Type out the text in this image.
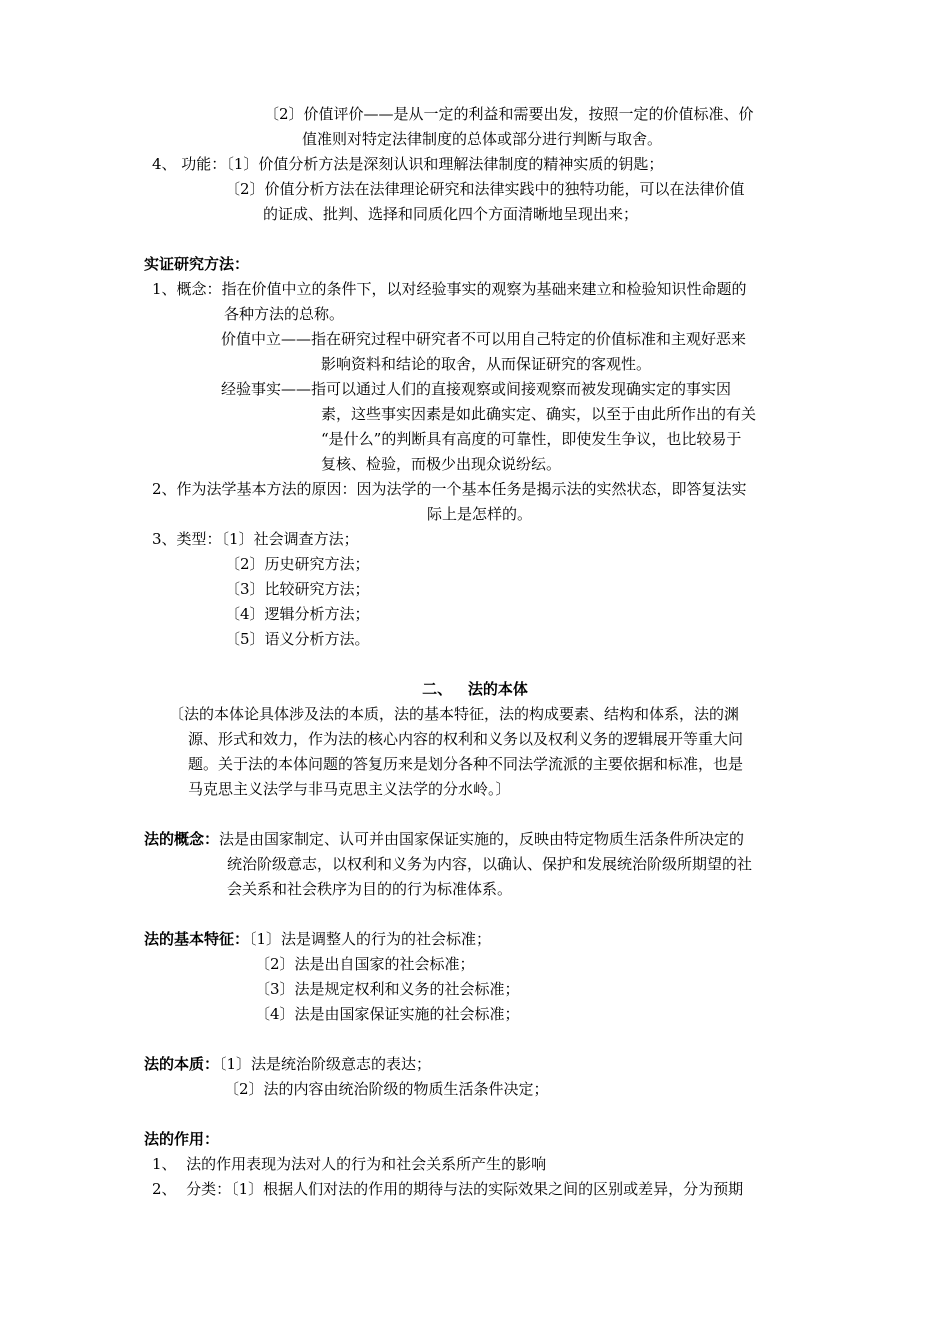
〔2〕价值评价——是从一定的利益和需要出发，按照一定的价值标准、价
值准则对特定法律制度的总体或部分进行判断与取舍。
4、 功能：〔1〕价值分析方法是深刻认识和理解法律制度的精神实质的钥匙；
〔2〕价值分析方法在法律理论研究和法律实践中的独特功能，可以在法律价值
的证成、批判、选择和同质化四个方面清晰地呈现出来；
实证研究方法：
1、概念：指在价值中立的条件下，以对经验事实的观察为基础来建立和检验知识性命题的
各种方法的总称。
价值中立——指在研究过程中研究者不可以用自己特定的价值标准和主观好恶来
影响资料和结论的取舍，从而保证研究的客观性。
经验事实——指可以通过人们的直接观察或间接观察而被发现确实定的事实因
素，这些事实因素是如此确实定、确实，以至于由此所作出的有关
“是什么”的判断具有高度的可靠性，即使发生争议，也比较易于
复核、检验，而极少出现众说纷纭。
2、作为法学基本方法的原因：因为法学的一个基本任务是揭示法的实然状态，即答复法实
际上是怎样的。
3、类型：〔1〕社会调查方法；
〔2〕历史研究方法；
〔3〕比较研究方法；
〔4〕逻辑分析方法；
〔5〕语义分析方法。
二、   法的本体
〔法的本体论具体涉及法的本质，法的基本特征，法的构成要素、结构和体系，法的渊
源、形式和效力，作为法的核心内容的权利和义务以及权利义务的逻辑展开等重大问
题。关于法的本体问题的答复历来是划分各种不同法学流派的主要依据和标准，也是
马克思主义法学与非马克思主义法学的分水岭。〕
法的概念：法是由国家制定、认可并由国家保证实施的，反映由特定物质生活条件所决定的
统治阶级意志，以权利和义务为内容，以确认、保护和发展统治阶级所期望的社
会关系和社会秩序为目的的行为标准体系。
法的基本特征：〔1〕法是调整人的行为的社会标准；
〔2〕法是出自国家的社会标准；
〔3〕法是规定权利和义务的社会标准；
〔4〕法是由国家保证实施的社会标准；
法的本质：〔1〕法是统治阶级意志的表达；
〔2〕法的内容由统治阶级的物质生活条件决定；
法的作用：
1、  法的作用表现为法对人的行为和社会关系所产生的影响
2、  分类：〔1〕根据人们对法的作用的期待与法的实际效果之间的区别或差异，分为预期
